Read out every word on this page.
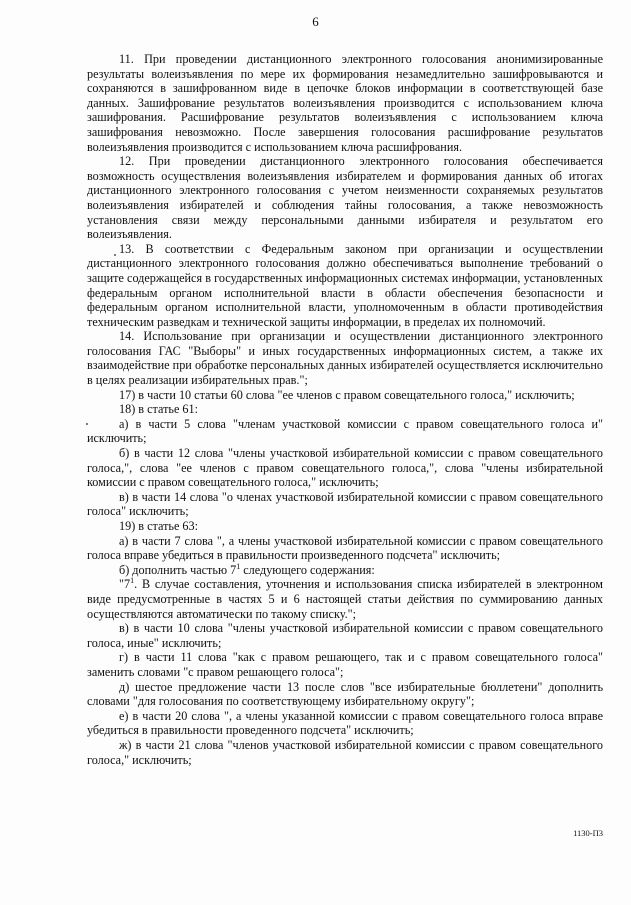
6

11. При проведении дистанционного электронного голосования анонимизированные результаты волеизъявления по мере их формирования незамедлительно зашифровываются и сохраняются в зашифрованном виде в цепочке блоков информации в соответствующей базе данных. Зашифрование результатов волеизъявления производится с использованием ключа зашифрования. Расшифрование результатов волеизъявления с использованием ключа зашифрования невозможно. После завершения голосования расшифрование результатов волеизъявления производится с использованием ключа расшифрования.

12. При проведении дистанционного электронного голосования обеспечивается возможность осуществления волеизъявления избирателем и формирования данных об итогах дистанционного электронного голосования с учетом неизменности сохраняемых результатов волеизъявления избирателей и соблюдения тайны голосования, а также невозможность установления связи между персональными данными избирателя и результатом его волеизъявления.

13. В соответствии с Федеральным законом при организации и осуществлении дистанционного электронного голосования должно обеспечиваться выполнение требований о защите содержащейся в государственных информационных системах информации, установленных федеральным органом исполнительной власти в области обеспечения безопасности и федеральным органом исполнительной власти, уполномоченным в области противодействия техническим разведкам и технической защиты информации, в пределах их полномочий.

14. Использование при организации и осуществлении дистанционного электронного голосования ГАС "Выборы" и иных государственных информационных систем, а также их взаимодействие при обработке персональных данных избирателей осуществляется исключительно в целях реализации избирательных прав.";

17) в части 10 статьи 60 слова "ее членов с правом совещательного голоса," исключить;

18) в статье 61:

а) в части 5 слова "членам участковой комиссии с правом совещательного голоса и" исключить;

б) в части 12 слова "члены участковой избирательной комиссии с правом совещательного голоса,", слова "ее членов с правом совещательного голоса,", слова "члены избирательной комиссии с правом совещательного голоса," исключить;

в) в части 14 слова "о членах участковой избирательной комиссии с правом совещательного голоса" исключить;

19) в статье 63:

а) в части 7 слова ", а члены участковой избирательной комиссии с правом совещательного голоса вправе убедиться в правильности произведенного подсчета" исключить;

б) дополнить частью $7^1$ следующего содержания:

"$7^1$. В случае составления, уточнения и использования списка избирателей в электронном виде предусмотренные в частях 5 и 6 настоящей статьи действия по суммированию данных осуществляются автоматически по такому списку.";

в) в части 10 слова "члены участковой избирательной комиссии с правом совещательного голоса, иные" исключить;

г) в части 11 слова "как с правом решающего, так и с правом совещательного голоса" заменить словами "с правом решающего голоса";

д) шестое предложение части 13 после слов "все избирательные бюллетени" дополнить словами "для голосования по соответствующему избирательному округу";

е) в части 20 слова ", а члены указанной комиссии с правом совещательного голоса вправе убедиться в правильности проведенного подсчета" исключить;

ж) в части 21 слова "членов участковой избирательной комиссии с правом совещательного голоса," исключить;

1130-П3
